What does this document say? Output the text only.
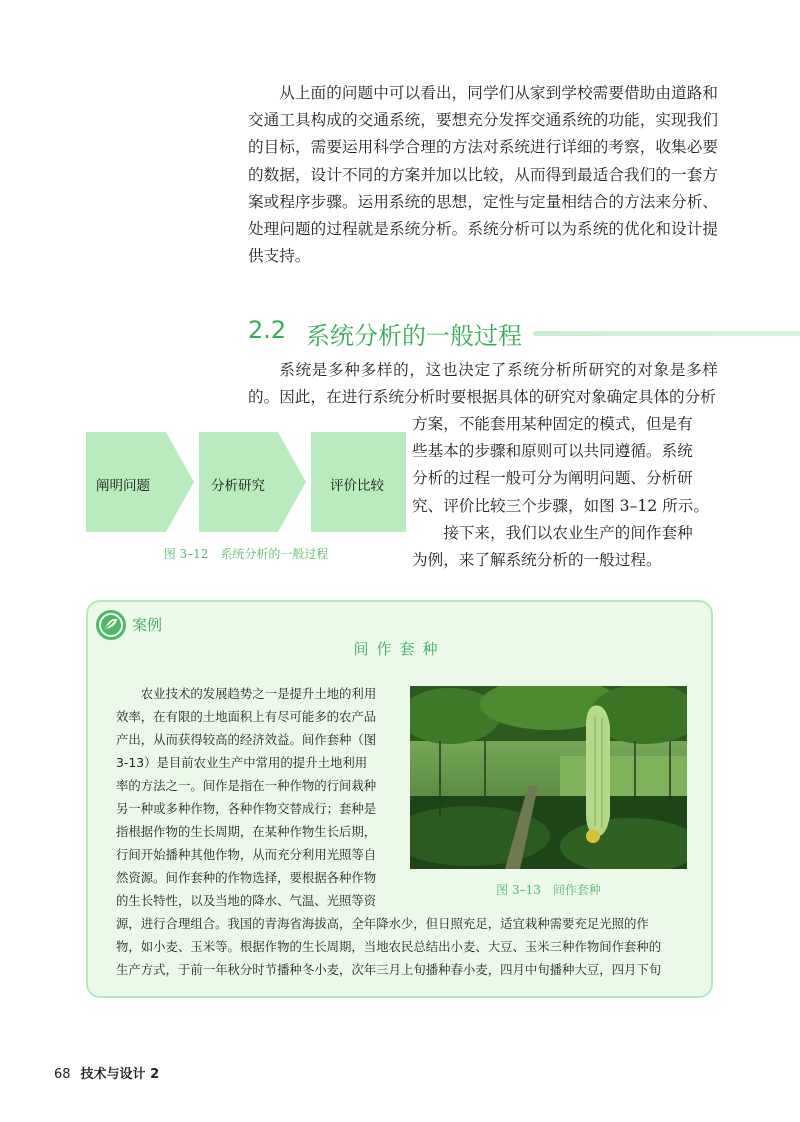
从上面的问题中可以看出，同学们从家到学校需要借助由道路和交通工具构成的交通系统，要想充分发挥交通系统的功能，实现我们的目标，需要运用科学合理的方法对系统进行详细的考察，收集必要的数据，设计不同的方案并加以比较，从而得到最适合我们的一套方案或程序步骤。运用系统的思想，定性与定量相结合的方法来分析、处理问题的过程就是系统分析。系统分析可以为系统的优化和设计提供支持。

2.2 系统分析的一般过程

系统是多种多样的，这也决定了系统分析所研究的对象是多样的。因此，在进行系统分析时要根据具体的研究对象确定具体的分析

方案，不能套用某种固定的模式，但是有
些基本的步骤和原则可以共同遵循。系统
分析的过程一般可分为阐明问题、分析研
究、评价比较三个步骤，如图 3–12 所示。
接下来，我们以农业生产的间作套种
为例，来了解系统分析的一般过程。
阐明问题	分析研究	评价比较
图 3–12　系统分析的一般过程
案例
间作套种
农业技术的发展趋势之一是提升土地的利用
效率，在有限的土地面积上有尽可能多的农产品
产出，从而获得较高的经济效益。间作套种（图
3-13）是目前农业生产中常用的提升土地利用
率的方法之一。间作是指在一种作物的行间栽种
另一种或多种作物，各种作物交替成行；套种是
指根据作物的生长周期，在某种作物生长后期，
行间开始播种其他作物，从而充分利用光照等自
然资源。间作套种的作物选择，要根据各种作物
的生长特性，以及当地的降水、气温、光照等资
图 3–13　间作套种
源，进行合理组合。我国的青海省海拔高，全年降水少，但日照充足，适宜栽种需要充足光照的作
物，如小麦、玉米等。根据作物的生长周期，当地农民总结出小麦、大豆、玉米三种作物间作套种的
生产方式，于前一年秋分时节播种冬小麦，次年三月上旬播种春小麦，四月中旬播种大豆，四月下旬
68 技术与设计 2
